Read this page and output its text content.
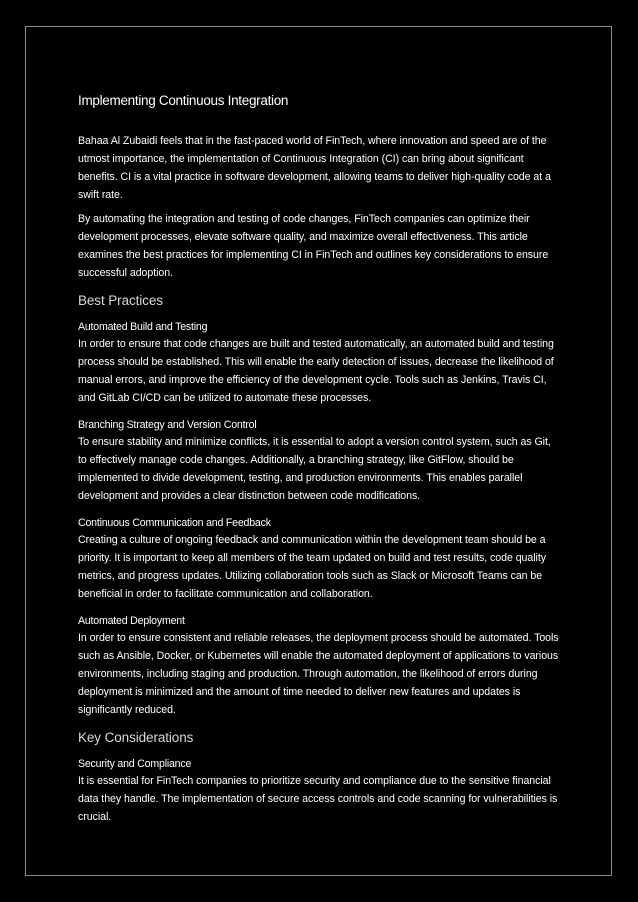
Implementing Continuous Integration

Bahaa Al Zubaidi feels that in the fast-paced world of FinTech, where innovation and speed are of the utmost importance, the implementation of Continuous Integration (CI) can bring about significant benefits. CI is a vital practice in software development, allowing teams to deliver high-quality code at a swift rate.

By automating the integration and testing of code changes, FinTech companies can optimize their development processes, elevate software quality, and maximize overall effectiveness. This article examines the best practices for implementing CI in FinTech and outlines key considerations to ensure successful adoption.

Best Practices
Automated Build and Testing

In order to ensure that code changes are built and tested automatically, an automated build and testing process should be established. This will enable the early detection of issues, decrease the likelihood of manual errors, and improve the efficiency of the development cycle. Tools such as Jenkins, Travis CI, and GitLab CI/CD can be utilized to automate these processes.

Branching Strategy and Version Control

To ensure stability and minimize conflicts, it is essential to adopt a version control system, such as Git, to effectively manage code changes. Additionally, a branching strategy, like GitFlow, should be implemented to divide development, testing, and production environments. This enables parallel development and provides a clear distinction between code modifications.

Continuous Communication and Feedback

Creating a culture of ongoing feedback and communication within the development team should be a priority. It is important to keep all members of the team updated on build and test results, code quality metrics, and progress updates. Utilizing collaboration tools such as Slack or Microsoft Teams can be beneficial in order to facilitate communication and collaboration.

Automated Deployment

In order to ensure consistent and reliable releases, the deployment process should be automated. Tools such as Ansible, Docker, or Kubernetes will enable the automated deployment of applications to various environments, including staging and production. Through automation, the likelihood of errors during deployment is minimized and the amount of time needed to deliver new features and updates is significantly reduced.

Key Considerations
Security and Compliance

It is essential for FinTech companies to prioritize security and compliance due to the sensitive financial data they handle. The implementation of secure access controls and code scanning for vulnerabilities is crucial.
